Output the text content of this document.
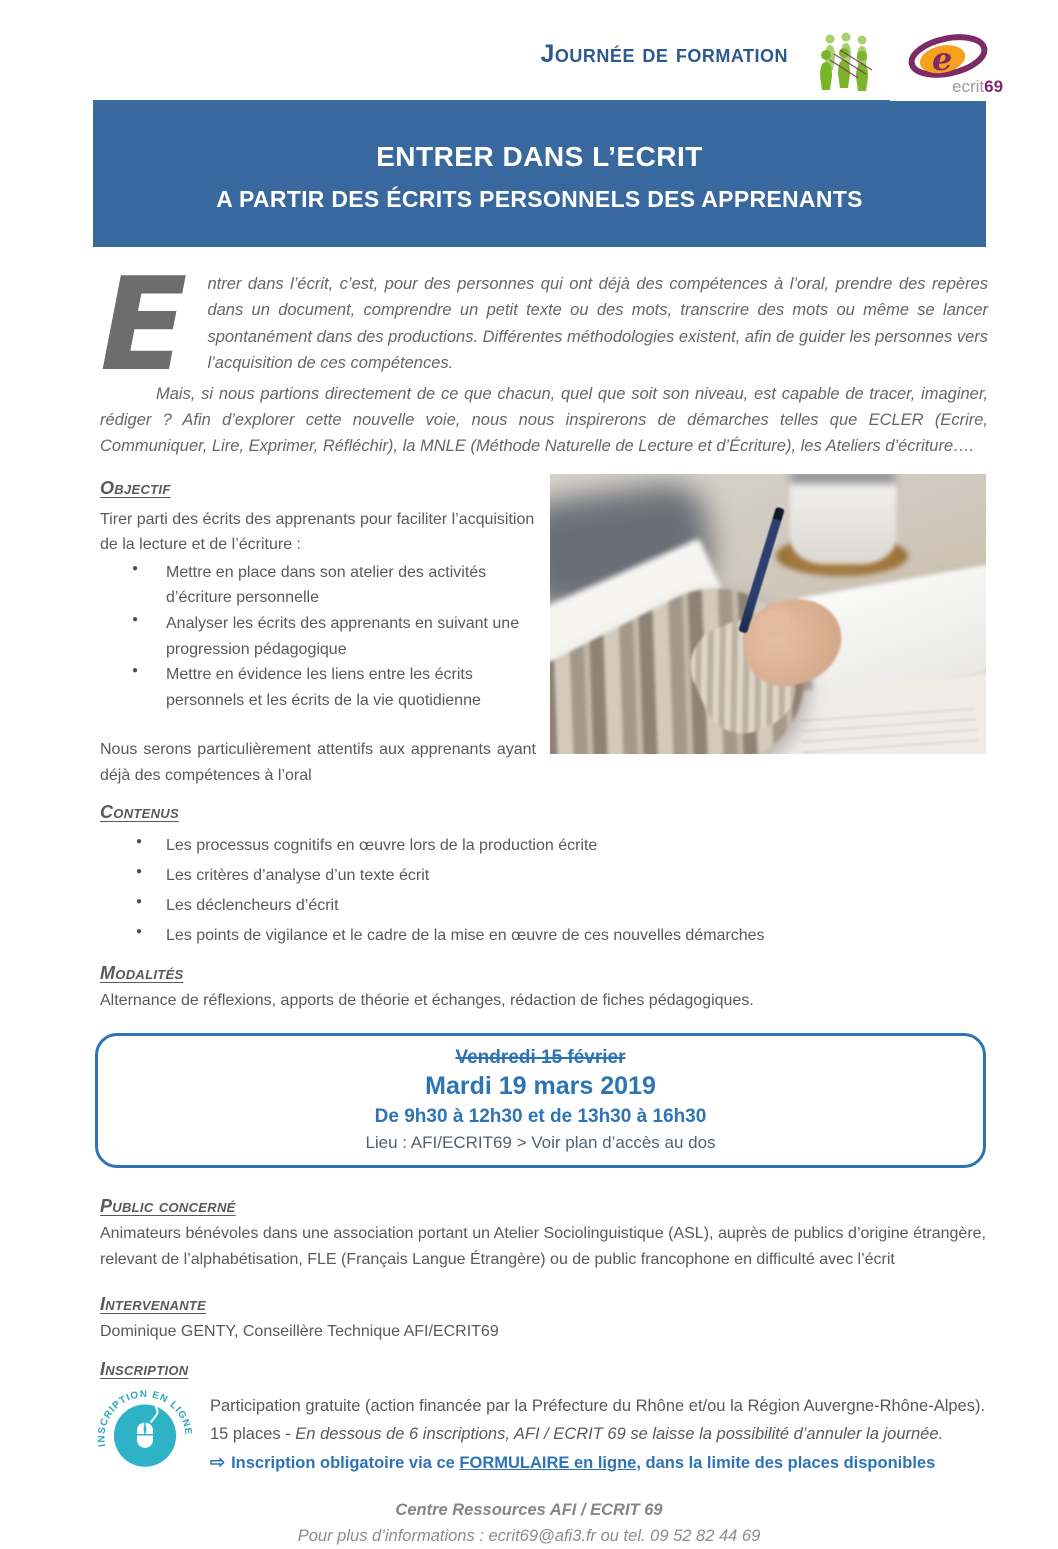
Journée de formation	e
ecrit69
ENTRER DANS L’ECRIT
A PARTIR DES ÉCRITS PERSONNELS DES APPRENANTS
E	ntrer dans l’écrit, c’est, pour des personnes qui ont déjà des compétences à l’oral, prendre des repères dans un document, comprendre un petit texte ou des mots, transcrire des mots ou même se lancer spontanément dans des productions. Différentes méthodologies existent, afin de guider les personnes vers l’acquisition de ces compétences.

Mais, si nous partions directement de ce que chacun, quel que soit son niveau, est capable de tracer, imaginer, rédiger ? Afin d’explorer cette nouvelle voie, nous nous inspirerons de démarches telles que ECLER (Ecrire, Communiquer, Lire, Exprimer, Réfléchir), la MNLE (Méthode Naturelle de Lecture et d’Écriture), les Ateliers d’écriture….

Objectif
Tirer parti des écrits des apprenants pour faciliter l’acquisition de la lecture et de l’écriture :
● Mettre en place dans son atelier des activités d’écriture personnelle
● Analyser les écrits des apprenants en suivant une progression pédagogique
● Mettre en évidence les liens entre les écrits personnels et les écrits de la vie quotidienne
Nous serons particulièrement attentifs aux apprenants ayant déjà des compétences à l’oral
Contenus
● Les processus cognitifs en œuvre lors de la production écrite
● Les critères d’analyse d’un texte écrit
● Les déclencheurs d’écrit
● Les points de vigilance et le cadre de la mise en œuvre de ces nouvelles démarches
Modalités
Alternance de réflexions, apports de théorie et échanges, rédaction de fiches pédagogiques.
Vendredi 15 février
Mardi 19 mars 2019
De 9h30 à 12h30 et de 13h30 à 16h30
Lieu : AFI/ECRIT69 > Voir plan d’accès au dos
Public concerné
Animateurs bénévoles dans une association portant un Atelier Sociolinguistique (ASL), auprès de publics d’origine étrangère, relevant de l’alphabétisation, FLE (Français Langue Étrangère) ou de public francophone en difficulté avec l’écrit
Intervenante
Dominique GENTY, Conseillère Technique AFI/ECRIT69
Inscription
INSCRIPTION EN LIGNE
Participation gratuite (action financée par la Préfecture du Rhône et/ou la Région Auvergne-Rhône-Alpes).
15 places - En dessous de 6 inscriptions, AFI / ECRIT 69 se laisse la possibilité d’annuler la journée.
⇨ Inscription obligatoire via ce FORMULAIRE en ligne, dans la limite des places disponibles
Centre Ressources AFI / ECRIT 69
Pour plus d’informations : ecrit69@afi3.fr ou tel. 09 52 82 44 69
